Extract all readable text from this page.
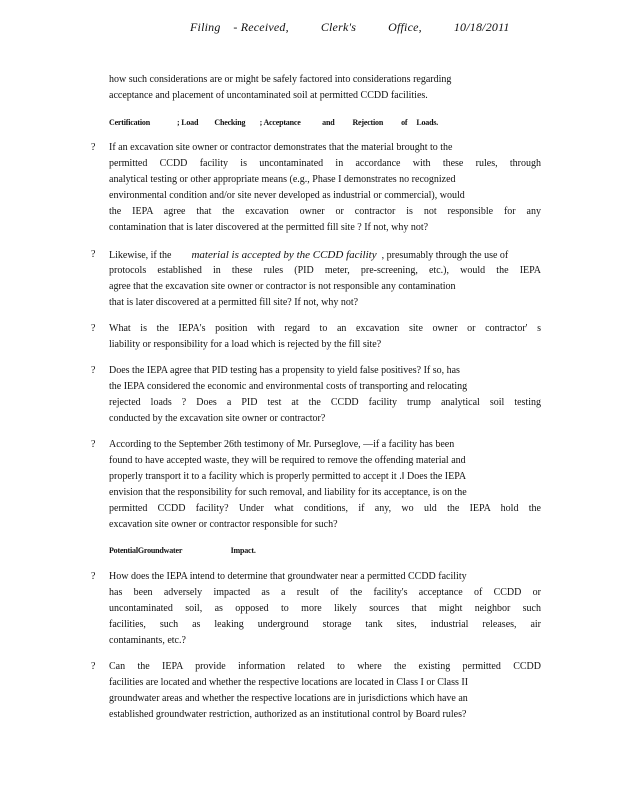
Filing    - Received,          Clerk's          Office,          10/18/2011
how such considerations are or might be safely factored into considerations regarding
acceptance and placement of uncontaminated soil at permitted CCDD facilities.
Certification               ; Load         Checking        ; Acceptance            and          Rejection          of     Loads.
? If an excavation site owner or contractor demonstrates that the material brought to the
permitted CCDD facility is uncontaminated in accordance with these rules, through
analytical testing or other appropriate means (e.g., Phase I demonstrates no recognized
environmental condition and/or site never developed as industrial or commercial), would
the IEPA agree that the excavation owner or contractor is not responsible for any
contamination that is later discovered at the permitted fill site ? If not, why not?
? Likewise, if the        material is accepted by the CCDD facility  , presumably through the use of
protocols established in these rules (PID meter, pre-screening, etc.), would the IEPA
agree that the excavation site owner or contractor is not responsible any contamination
that is later discovered at a permitted fill site? If not, why not?
? What is the IEPA's position with regard to an excavation site owner or contractor' s
liability or responsibility for a load which is rejected by the fill site?
? Does the IEPA agree that PID testing has a propensity to yield false positives? If so, has
the IEPA considered the economic and environmental costs of transporting and relocating
rejected loads ? Does a PID test at the CCDD facility trump analytical soil testing
conducted by the excavation site owner or contractor?
? According to the September 26th testimony of Mr. Purseglove, —if a facility has been
found to have accepted waste, they will be required to remove the offending material and
properly transport it to a facility which is properly permitted to accept it .‖ Does the IEPA
envision that the responsibility for such removal, and liability for its acceptance, is on the
permitted CCDD facility? Under what conditions, if any, wo uld the IEPA hold the
excavation site owner or contractor responsible for such?
PotentialGroundwater                           Impact.
? How does the IEPA intend to determine that groundwater near a permitted CCDD facility
has been adversely impacted as a result of the facility's acceptance of CCDD or
uncontaminated soil, as opposed to more likely sources that might neighbor such
facilities, such as leaking underground storage tank sites, industrial releases, air
contaminants, etc.?
? Can the IEPA provide information related to where the existing permitted CCDD
facilities are located and whether the respective locations are located in Class I or Class II
groundwater areas and whether the respective locations are in jurisdictions which have an
established groundwater restriction, authorized as an institutional control by Board rules?
